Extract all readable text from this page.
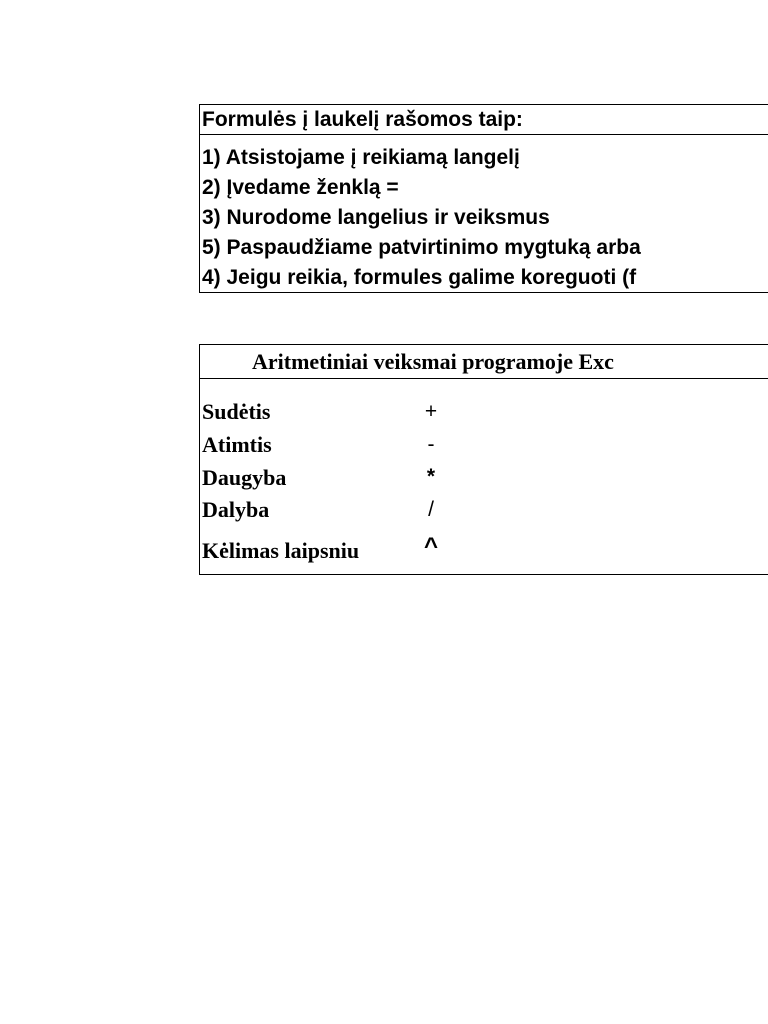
Formulės į laukelį rašomos taip:
1) Atsistojame į reikiamą langelį
2) Įvedame ženklą =
3) Nurodome langelius ir veiksmus
5) Paspaudžiame patvirtinimo mygtuką arba
4) Jeigu reikia, formules galime koreguoti (f
Aritmetiniai veiksmai programoje Exc
Sudėtis	+
Atimtis	-
Daugyba	*
Dalyba	/
Kėlimas laipsniu	^
